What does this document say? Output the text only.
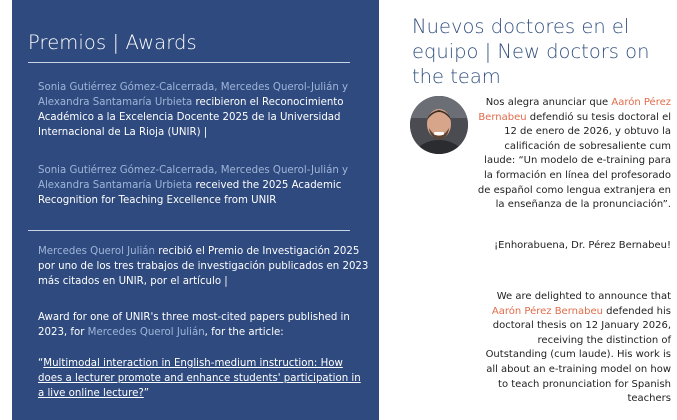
Premios | Awards

Sonia Gutiérrez Gómez-Calcerrada, Mercedes Querol-Julián y Alexandra Santamaría Urbieta recibieron el Reconocimiento Académico a la Excelencia Docente 2025 de la Universidad Internacional de La Rioja (UNIR) |

Sonia Gutiérrez Gómez-Calcerrada, Mercedes Querol-Julián y Alexandra Santamaría Urbieta received the 2025 Academic Recognition for Teaching Excellence from UNIR

Mercedes Querol Julián recibió el Premio de Investigación 2025 por uno de los tres trabajos de investigación publicados en 2023 más citados en UNIR, por el artículo |

Award for one of UNIR's three most-cited papers published in 2023, for Mercedes Querol Julián, for the article:

“Multimodal interaction in English-medium instruction: How does a lecturer promote and enhance students' participation in a live online lecture?”

Nuevos doctores en el equipo | New doctors on the team

Nos alegra anunciar que Aarón Pérez Bernabeu defendió su tesis doctoral el 12 de enero de 2026, y obtuvo la calificación de sobresaliente cum laude: “Un modelo de e-training para la formación en línea del profesorado de español como lengua extranjera en la enseñanza de la pronunciación”.

¡Enhorabuena, Dr. Pérez Bernabeu!

We are delighted to announce that Aarón Pérez Bernabeu defended his doctoral thesis on 12 January 2026, receiving the distinction of Outstanding (cum laude). His work is all about an e-training model on how to teach pronunciation for Spanish teachers
